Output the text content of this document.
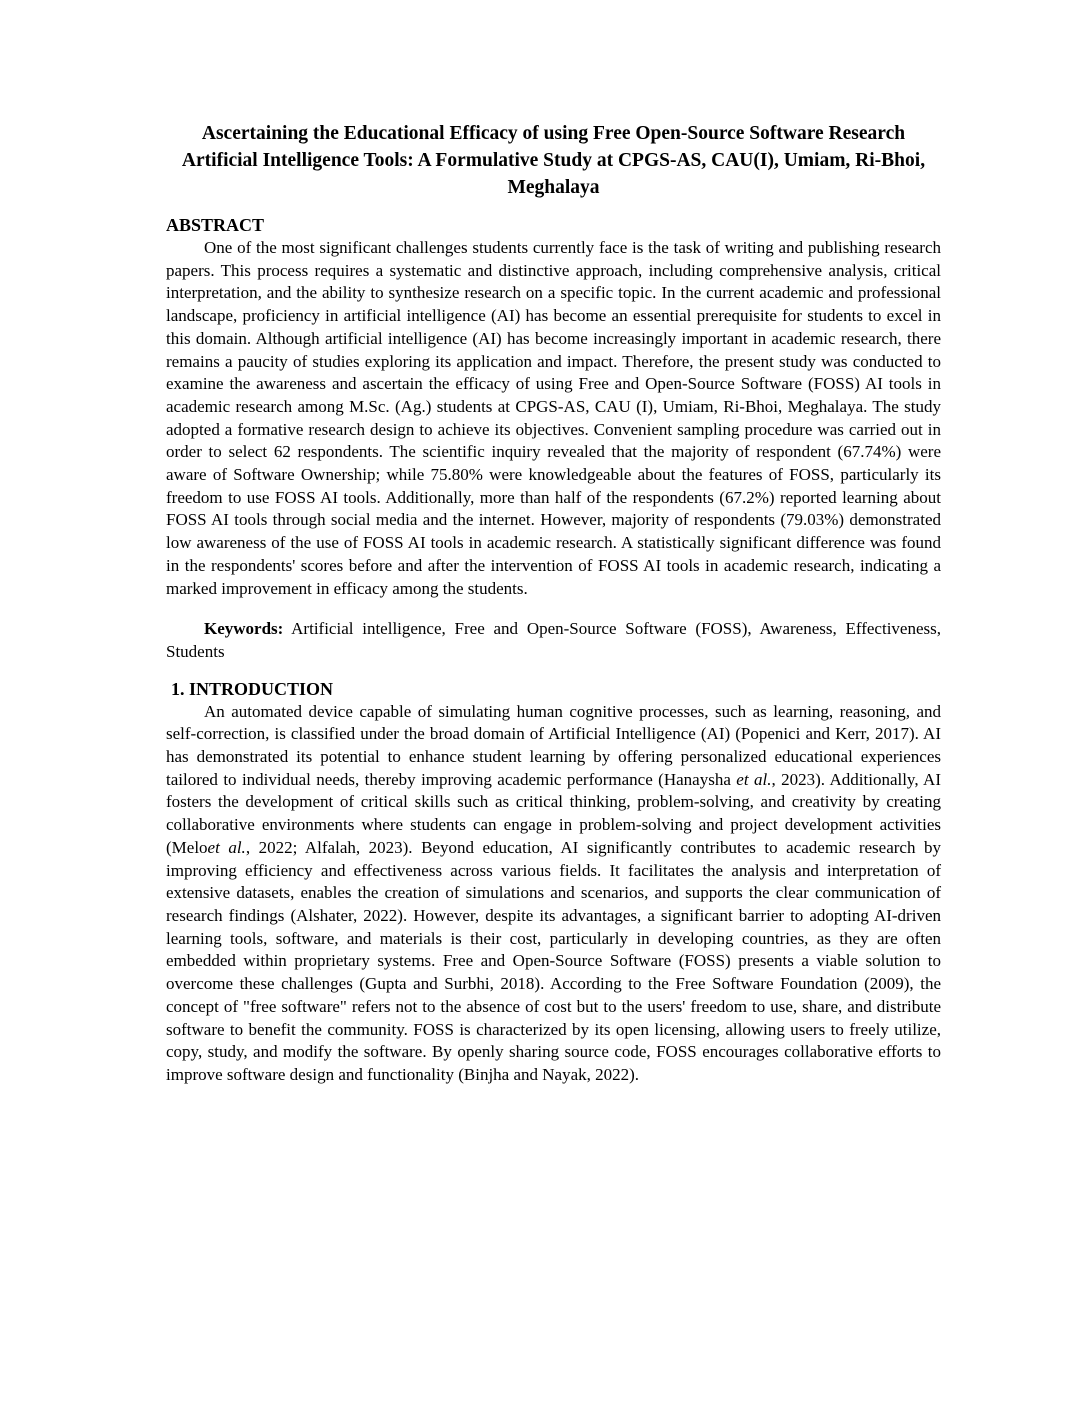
Ascertaining the Educational Efficacy of using Free Open-Source Software Research Artificial Intelligence Tools: A Formulative Study at CPGS-AS, CAU(I), Umiam, Ri-Bhoi, Meghalaya
ABSTRACT

One of the most significant challenges students currently face is the task of writing and publishing research papers. This process requires a systematic and distinctive approach, including comprehensive analysis, critical interpretation, and the ability to synthesize research on a specific topic. In the current academic and professional landscape, proficiency in artificial intelligence (AI) has become an essential prerequisite for students to excel in this domain. Although artificial intelligence (AI) has become increasingly important in academic research, there remains a paucity of studies exploring its application and impact. Therefore, the present study was conducted to examine the awareness and ascertain the efficacy of using Free and Open-Source Software (FOSS) AI tools in academic research among M.Sc. (Ag.) students at CPGS-AS, CAU (I), Umiam, Ri-Bhoi, Meghalaya. The study adopted a formative research design to achieve its objectives. Convenient sampling procedure was carried out in order to select 62 respondents. The scientific inquiry revealed that the majority of respondent (67.74%) were aware of Software Ownership; while 75.80% were knowledgeable about the features of FOSS, particularly its freedom to use FOSS AI tools. Additionally, more than half of the respondents (67.2%) reported learning about FOSS AI tools through social media and the internet. However, majority of respondents (79.03%) demonstrated low awareness of the use of FOSS AI tools in academic research. A statistically significant difference was found in the respondents' scores before and after the intervention of FOSS AI tools in academic research, indicating a marked improvement in efficacy among the students.

Keywords: Artificial intelligence, Free and Open-Source Software (FOSS), Awareness, Effectiveness, Students

1. INTRODUCTION

An automated device capable of simulating human cognitive processes, such as learning, reasoning, and self-correction, is classified under the broad domain of Artificial Intelligence (AI) (Popenici and Kerr, 2017). AI has demonstrated its potential to enhance student learning by offering personalized educational experiences tailored to individual needs, thereby improving academic performance (Hanaysha et al., 2023). Additionally, AI fosters the development of critical skills such as critical thinking, problem-solving, and creativity by creating collaborative environments where students can engage in problem-solving and project development activities (Meloet al., 2022; Alfalah, 2023). Beyond education, AI significantly contributes to academic research by improving efficiency and effectiveness across various fields. It facilitates the analysis and interpretation of extensive datasets, enables the creation of simulations and scenarios, and supports the clear communication of research findings (Alshater, 2022). However, despite its advantages, a significant barrier to adopting AI-driven learning tools, software, and materials is their cost, particularly in developing countries, as they are often embedded within proprietary systems. Free and Open-Source Software (FOSS) presents a viable solution to overcome these challenges (Gupta and Surbhi, 2018). According to the Free Software Foundation (2009), the concept of "free software" refers not to the absence of cost but to the users' freedom to use, share, and distribute software to benefit the community. FOSS is characterized by its open licensing, allowing users to freely utilize, copy, study, and modify the software. By openly sharing source code, FOSS encourages collaborative efforts to improve software design and functionality (Binjha and Nayak, 2022).
